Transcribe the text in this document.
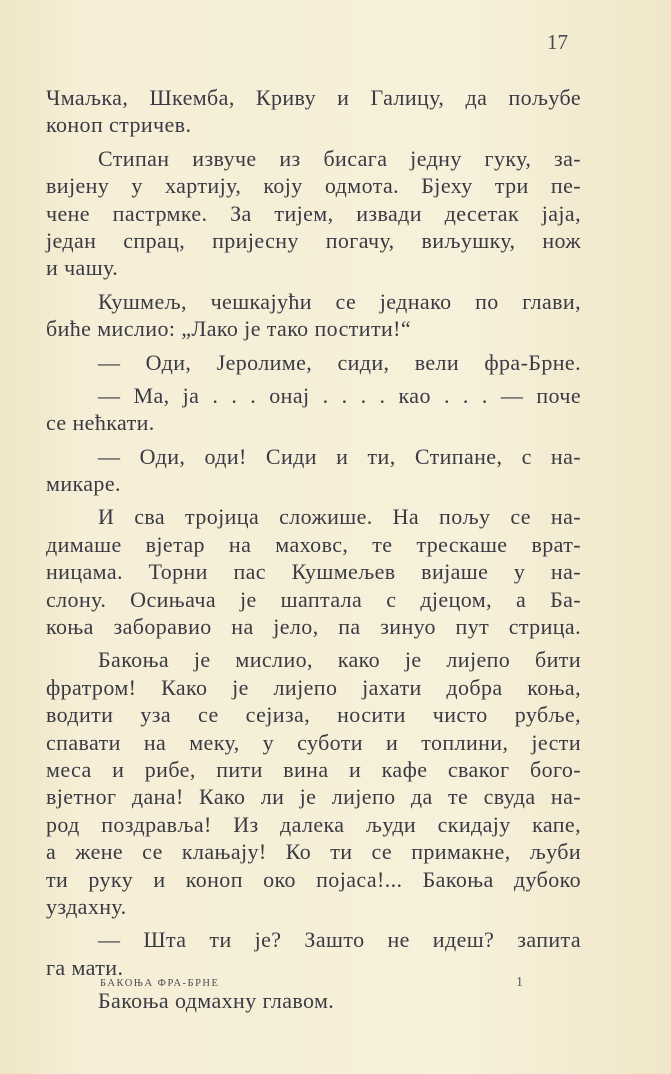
17
Чмаљка, Шкемба, Криву и Галицу, да пољубе
коноп стричев.
Стипан извуче из бисага једну гуку, за-
вијену у хартију, коју одмота. Бјеху три пе-
чене пастрмке. За тијем, извади десетак јаја,
један спрац, пријесну погачу, виљушку, нож
и чашу.
Кушмељ, чешкајући се једнако по глави,
биће мислио: „Лако је тако постити!“
— Оди, Јеролиме, сиди, вели фра-Брне.
— Ма, ја . . . онај . . . . као . . . — поче
се нећкати.
— Оди, оди! Сиди и ти, Стипане, с на-
микаре.
И сва тројица сложише. На пољу се на-
димаше вјетар на маховс, те трескаше врат-
ницама. Торни пас Кушмељев вијаше у на-
слону. Осињача је шаптала с дјецом, а Ба-
коња заборавио на јело, па зинуо пут стрица.
Бакоња је мислио, како је лијепо бити
фратром! Како је лијепо јахати добра коња,
водити уза се сејиза, носити чисто рубље,
спавати на меку, у суботи и топлини, јести
меса и рибе, пити вина и кафе сваког бого-
вјетног дана! Како ли је лијепо да те свуда на-
род поздравља! Из далека људи скидају капе,
а жене се клањају! Ко ти се примакне, љуби
ти руку и коноп око појаса!... Бакоња дубоко
уздахну.
— Шта ти је? Зашто не идеш? запита
га мати.
Бакоња одмахну главом.
БАКОЊА ФРА-БРНЕ	1
